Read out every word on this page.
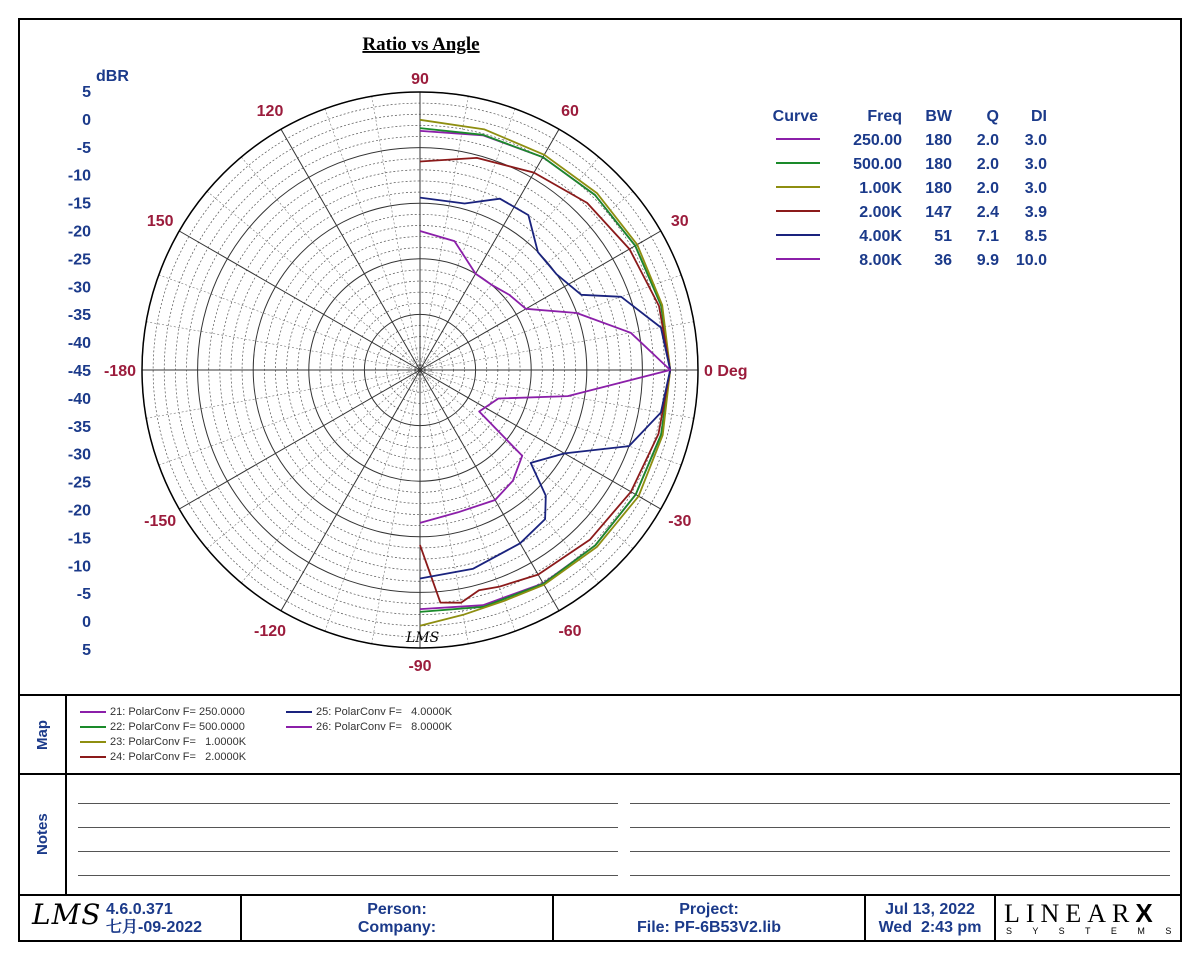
0 Deg
30
60
90
120
150
-180
-150
-120
-90
-60
-30
5
0
-5
-10
-15
-20
-25
-30
-35
-40
-45
-40
-35
-30
-25
-20
-15
-10
-5
0
5
Ratio vs Angle
dBR
LMS
Curve	Freq BW Q DI
250.00 180 2.0 3.0
500.00 180 2.0 3.0
1.00K 180 2.0 3.0
2.00K 147 2.4 3.9
4.00K 51 7.1 8.5
8.00K 36 9.9 10.0
Map
21: PolarConv F= 250.0000
22: PolarConv F= 500.0000
23: PolarConv F=   1.0000K
24: PolarConv F=   2.0000K
25: PolarConv F=   4.0000K
26: PolarConv F=   8.0000K
Notes
LMS 4.6.0.371
七月-09-2022
Person:
Company:
Project:
File: PF-6B53V2.lib
Jul 13, 2022
Wed  2:43 pm LINEARX
S Y S T E M S
